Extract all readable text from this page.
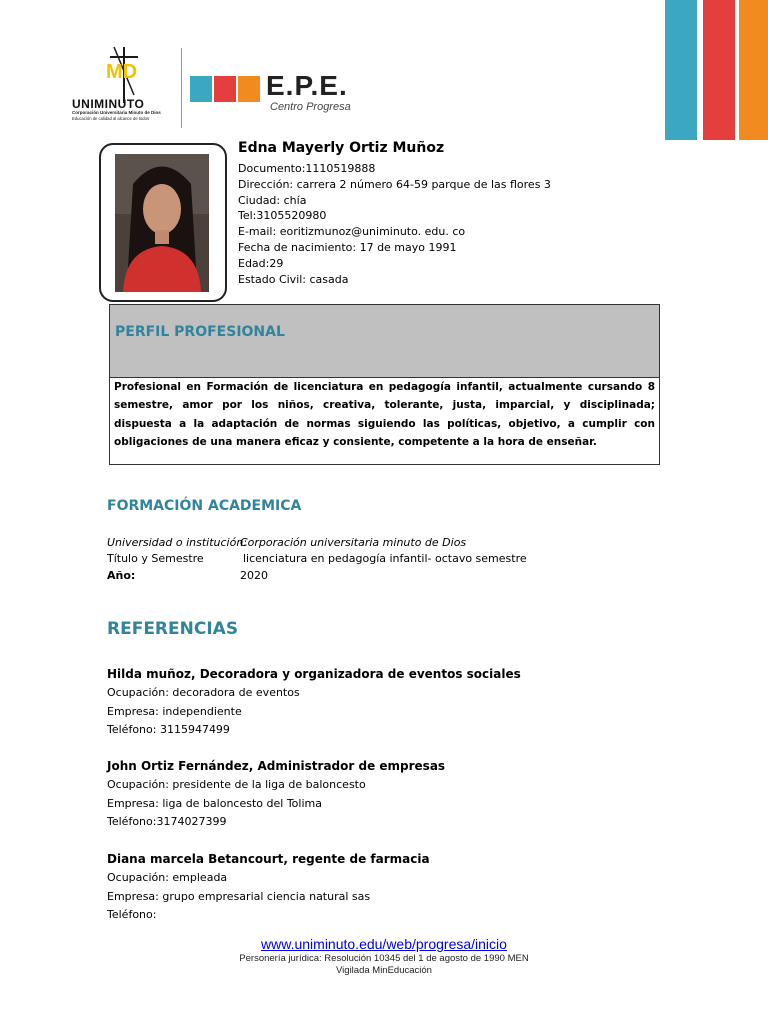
MD
UNIMINUTO
Corporación Universitaria Minuto de Dios
Educación de calidad al alcance de todos
E.P.E.
Centro Progresa
Edna Mayerly Ortiz Muñoz
Documento:1110519888
Dirección: carrera 2 número 64-59 parque de las flores 3
Ciudad: chía
Tel:3105520980
E-mail: eoritizmunoz@uniminuto. edu. co
Fecha de nacimiento: 17 de mayo 1991
Edad:29
Estado Civil: casada
PERFIL PROFESIONAL
Profesional en Formación de licenciatura en pedagogía infantil, actualmente cursando 8 semestre, amor por los niños, creativa, tolerante, justa, imparcial, y disciplinada; dispuesta a la adaptación de normas siguiendo las políticas, objetivo, a cumplir con obligaciones de una manera eficaz y consiente, competente a la hora de enseñar.
FORMACIÓN ACADEMICA
Universidad o institución:
Corporación universitaria minuto de Dios
Título y Semestre	licenciatura en pedagogía infantil- octavo semestre
Año:	2020
REFERENCIAS
Hilda muñoz, Decoradora y organizadora de eventos sociales
Ocupación: decoradora de eventos
Empresa: independiente
Teléfono: 3115947499
John Ortiz Fernández, Administrador de empresas
Ocupación: presidente de la liga de baloncesto
Empresa: liga de baloncesto del Tolima
Teléfono:3174027399
Diana marcela Betancourt, regente de farmacia
Ocupación: empleada
Empresa: grupo empresarial ciencia natural sas
Teléfono:
www.uniminuto.edu/web/progresa/inicio
Personería jurídica: Resolución 10345 del 1 de agosto de 1990 MEN
Vigilada MinEducación
